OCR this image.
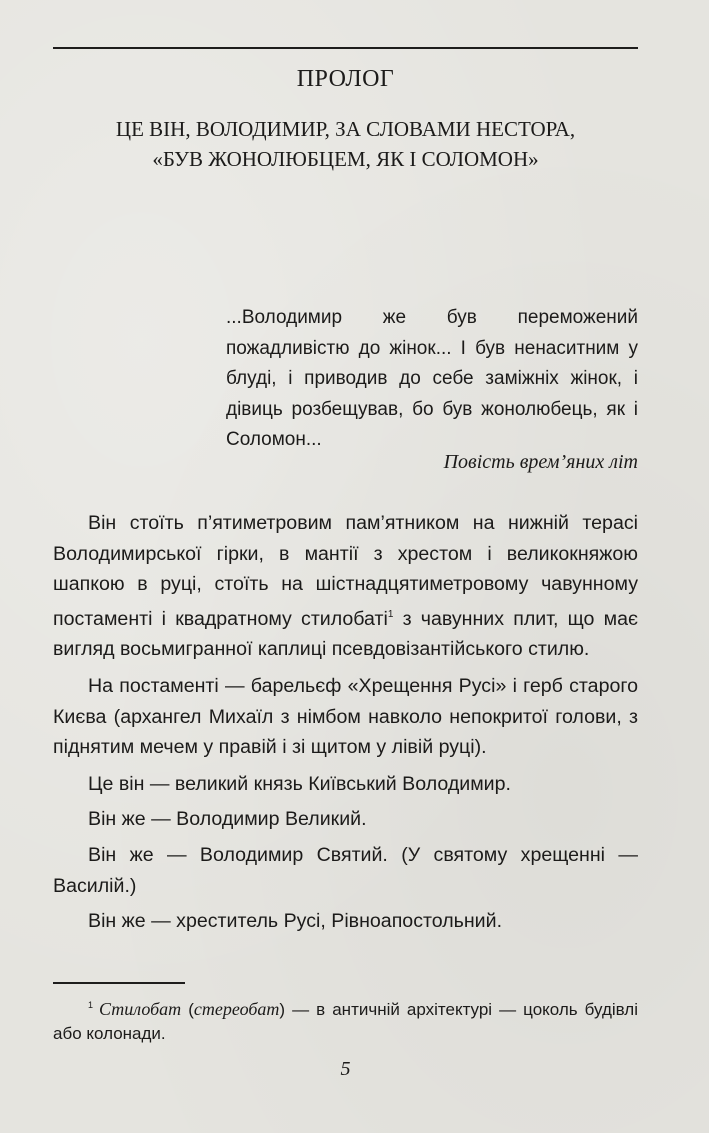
ПРОЛОГ
ЦЕ ВІН, ВОЛОДИМИР, ЗА СЛОВАМИ НЕСТОРА,
«БУВ ЖОНОЛЮБЦЕМ, ЯК І СОЛОМОН»
...Володимир же був переможений пожадливістю до жінок... І був ненаситним у блуді, і приводив до себе заміжніх жінок, і дівиць розбещував, бо був жонолюбець, як і Соломон...
Повість врем’яних літ

Він стоїть п’ятиметровим пам’ятником на нижній терасі Володимирської гірки, в мантії з хрестом і великокняжою шапкою в руці, стоїть на шістнадцятиметровому чавунному постаменті і квадратному стилобаті$^1$ з чавунних плит, що має вигляд восьмигранної каплиці псевдовізантійського стилю.

На постаменті — барельєф «Хрещення Русі» і герб старого Києва (архангел Михаїл з німбом навколо непокритої голови, з піднятим мечем у правій і зі щитом у лівій руці).

Це він — великий князь Київський Володимир.

Він же — Володимир Великий.

Він же — Володимир Святий. (У святому хрещенні — Василій.)

Він же — хреститель Русі, Рівноапостольний.

$^1$ Стилобат (стереобат) — в античній архітектурі — цоколь будівлі або колонади.
5
